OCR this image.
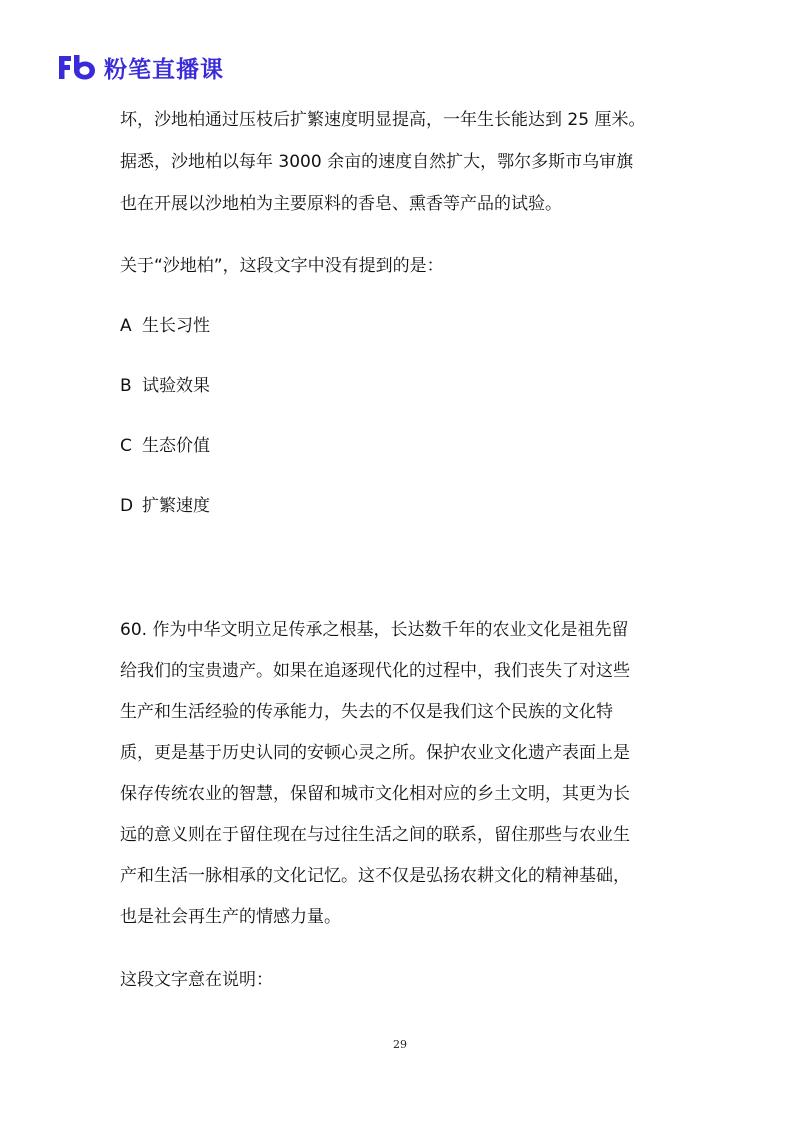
粉笔直播课

坏，沙地柏通过压枝后扩繁速度明显提高，一年生长能达到 25 厘米。

据悉，沙地柏以每年 3000 余亩的速度自然扩大，鄂尔多斯市乌审旗

也在开展以沙地柏为主要原料的香皂、熏香等产品的试验。

关于“沙地柏”，这段文字中没有提到的是：

A 生长习性

B 试验效果

C 生态价值

D 扩繁速度

60. 作为中华文明立足传承之根基，长达数千年的农业文化是祖先留

给我们的宝贵遗产。如果在追逐现代化的过程中，我们丧失了对这些

生产和生活经验的传承能力，失去的不仅是我们这个民族的文化特

质，更是基于历史认同的安顿心灵之所。保护农业文化遗产表面上是

保存传统农业的智慧，保留和城市文化相对应的乡土文明，其更为长

远的意义则在于留住现在与过往生活之间的联系，留住那些与农业生

产和生活一脉相承的文化记忆。这不仅是弘扬农耕文化的精神基础，

也是社会再生产的情感力量。

这段文字意在说明：

29
